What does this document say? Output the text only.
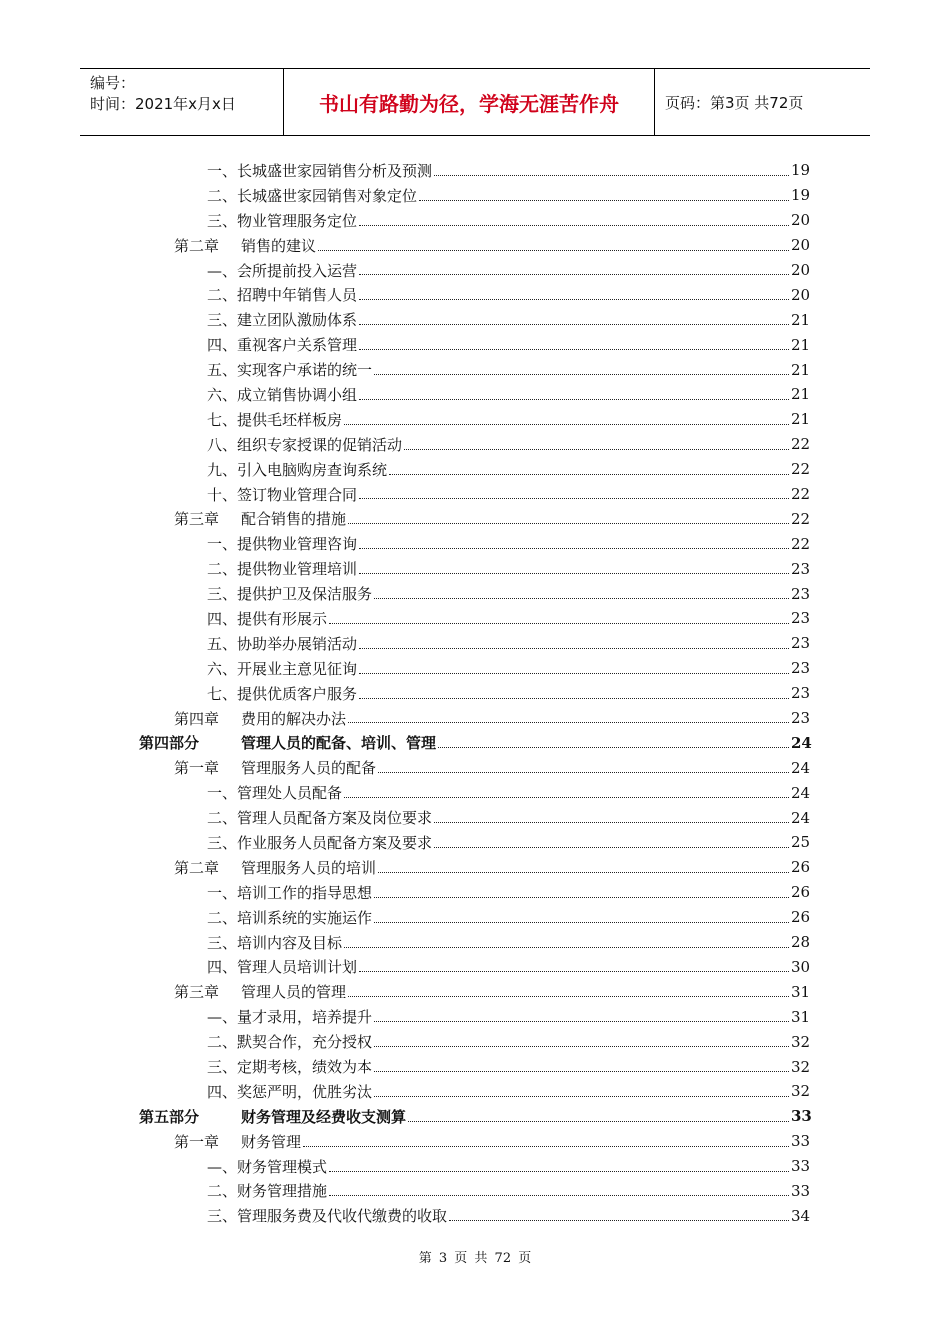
编号：
时间：2021年x月x日	书山有路勤为径，学海无涯苦作舟	页码：第3页 共72页
一、 长城盛世家园销售分析及预测	19
二、 长城盛世家园销售对象定位	19
三、 物业管理服务定位	20
第二章	销售的建议	20
—、 会所提前投入运营	20
二、 招聘中年销售人员	20
三、 建立团队激励体系	21
四、 重视客户关系管理	21
五、 实现客户承诺的统一	21
六、 成立销售协调小组	21
七、 提供毛坯样板房	21
八、 组织专家授课的促销活动	22
九、 引入电脑购房查询系统	22
十、 签订物业管理合同	22
第三章	配合销售的措施	22
一、 提供物业管理咨询	22
二、 提供物业管理培训	23
三、 提供护卫及保洁服务	23
四、 提供有形展示	23
五、 协助举办展销活动	23
六、 开展业主意见征询	23
七、 提供优质客户服务	23
第四章	费用的解决办法	23
第四部分	管理人员的配备、培训、管理	24
第一章	管理服务人员的配备	24
一、 管理处人员配备	24
二、 管理人员配备方案及岗位要求	24
三、 作业服务人员配备方案及要求	25
第二章	管理服务人员的培训	26
一、 培训工作的指导思想	26
二、 培训系统的实施运作	26
三、 培训内容及目标	28
四、 管理人员培训计划	30
第三章	管理人员的管理	31
—、 量才录用，培养提升	31
二、 默契合作，充分授权	32
三、 定期考核，绩效为本	32
四、 奖惩严明，优胜劣汰	32
第五部分	财务管理及经费收支测算	33
第一章	财务管理	33
—、 财务管理模式	33
二、 财务管理措施	33
三、 管理服务费及代收代缴费的收取	34
第 3 页 共 72 页
